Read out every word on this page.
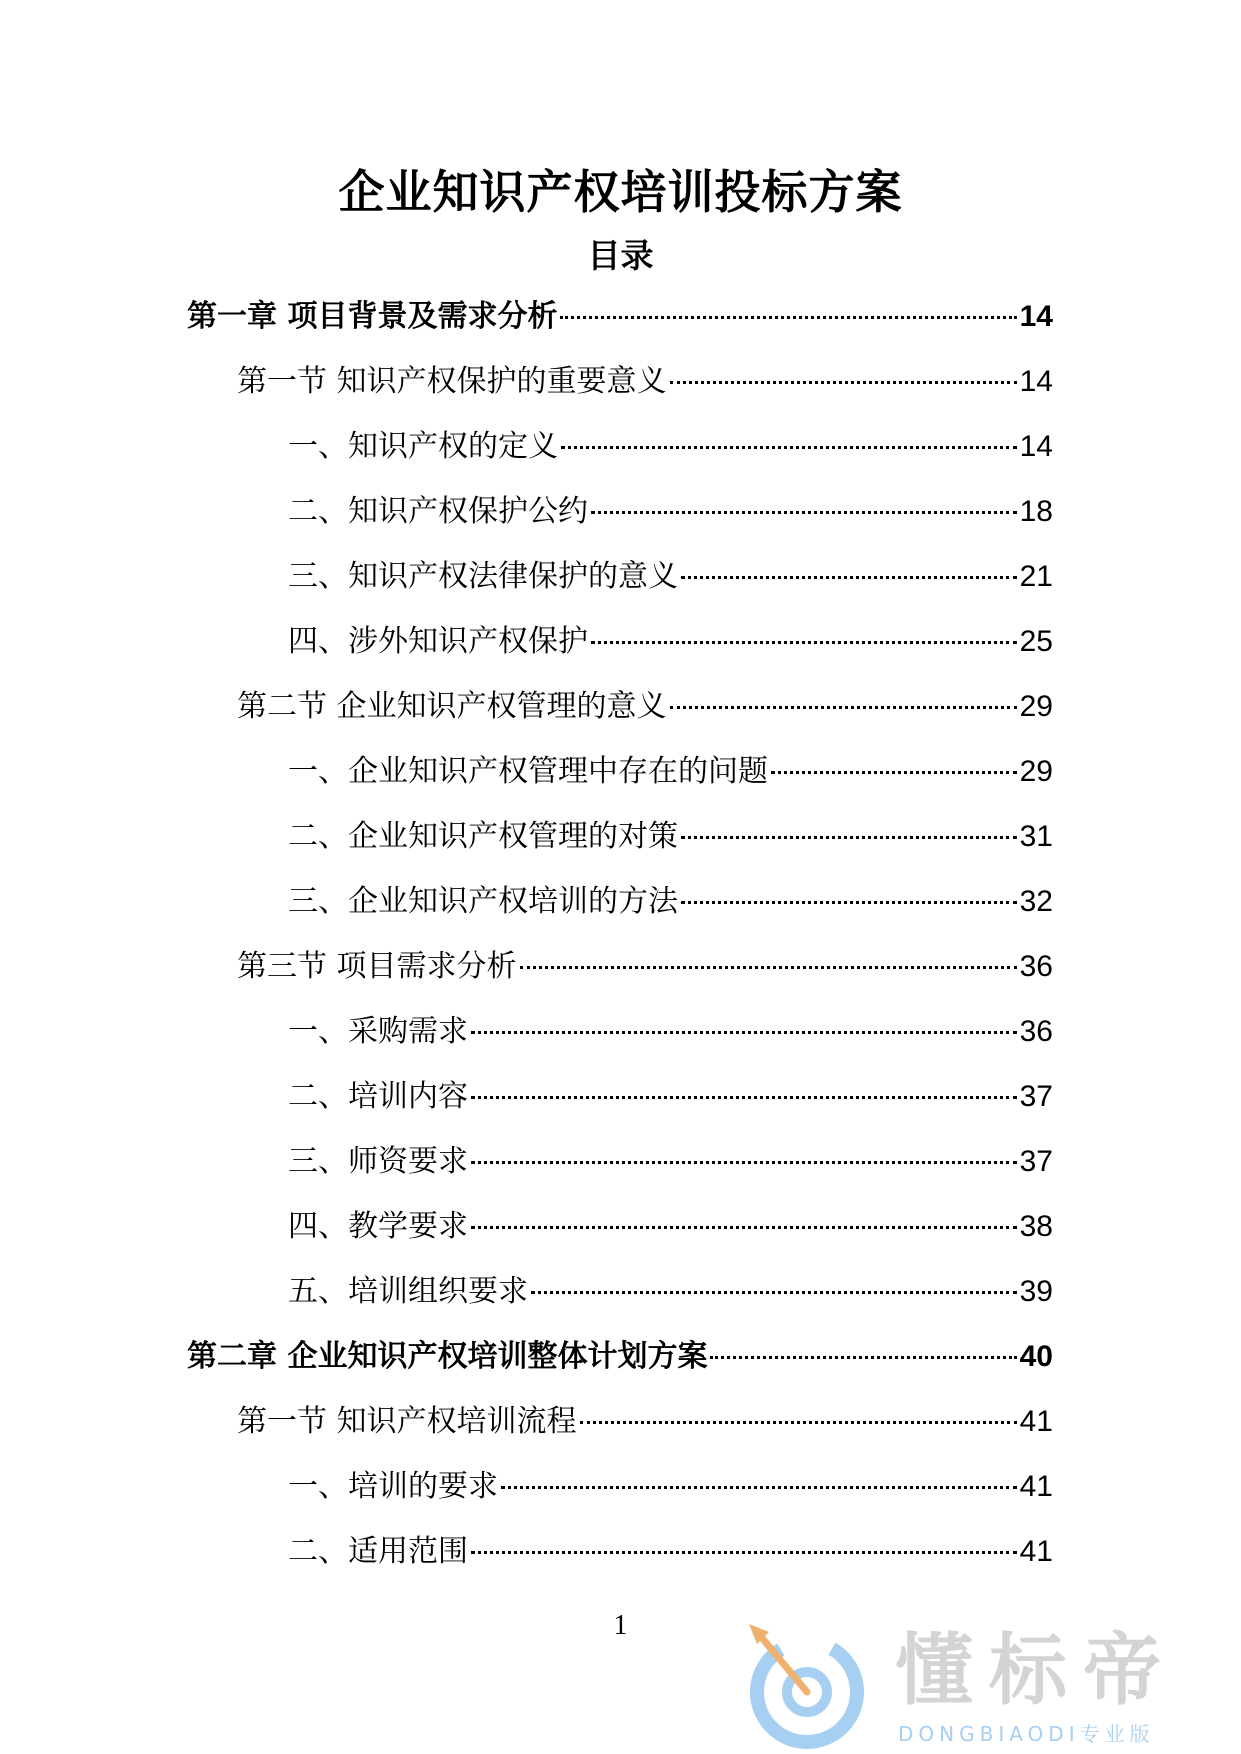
企业知识产权培训投标方案
目录
第一章 项目背景及需求分析	14
第一节 知识产权保护的重要意义	14
一、知识产权的定义	14
二、知识产权保护公约	18
三、知识产权法律保护的意义	21
四、涉外知识产权保护	25
第二节 企业知识产权管理的意义	29
一、企业知识产权管理中存在的问题	29
二、企业知识产权管理的对策	31
三、企业知识产权培训的方法	32
第三节 项目需求分析	36
一、采购需求	36
二、培训内容	37
三、师资要求	37
四、教学要求	38
五、培训组织要求	39
第二章 企业知识产权培训整体计划方案	40
第一节 知识产权培训流程	41
一、培训的要求	41
二、适用范围	41
1
懂标帝
DONGBIAODI专业版
